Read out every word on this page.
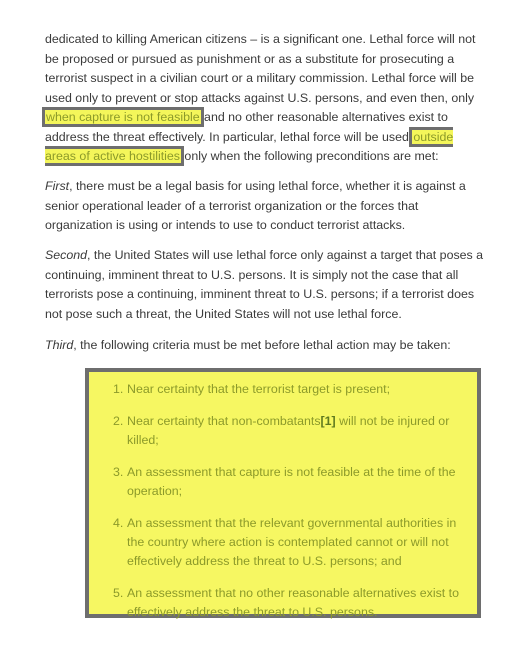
dedicated to killing American citizens – is a significant one. Lethal force will not be proposed or pursued as punishment or as a substitute for prosecuting a terrorist suspect in a civilian court or a military commission. Lethal force will be used only to prevent or stop attacks against U.S. persons, and even then, only when capture is not feasible and no other reasonable alternatives exist to address the threat effectively. In particular, lethal force will be used outside areas of active hostilities only when the following preconditions are met:

First, there must be a legal basis for using lethal force, whether it is against a senior operational leader of a terrorist organization or the forces that organization is using or intends to use to conduct terrorist attacks.

Second, the United States will use lethal force only against a target that poses a continuing, imminent threat to U.S. persons. It is simply not the case that all terrorists pose a continuing, imminent threat to U.S. persons; if a terrorist does not pose such a threat, the United States will not use lethal force.

Third, the following criteria must be met before lethal action may be taken:

1. Near certainty that the terrorist target is present;
2. Near certainty that non-combatants[1] will not be injured or killed;
3. An assessment that capture is not feasible at the time of the operation;
4. An assessment that the relevant governmental authorities in the country where action is contemplated cannot or will not effectively address the threat to U.S. persons; and
5. An assessment that no other reasonable alternatives exist to effectively address the threat to U.S. persons.
